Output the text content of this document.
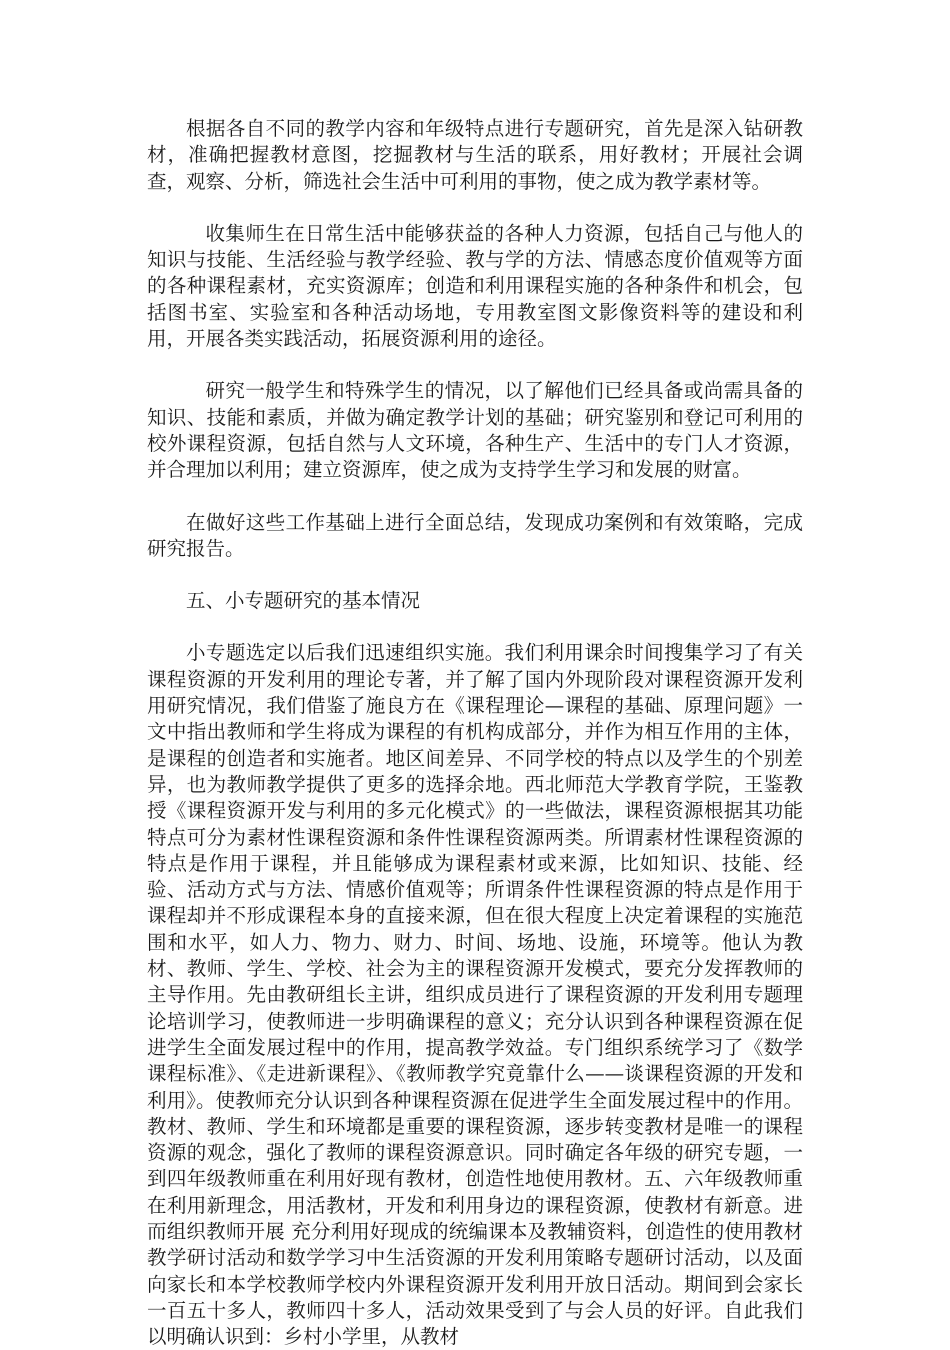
根据各自不同的教学内容和年级特点进行专题研究，首先是深入钻研教材，准确把握教材意图，挖掘教材与生活的联系，用好教材；开展社会调查，观察、分析，筛选社会生活中可利用的事物，使之成为教学素材等。

收集师生在日常生活中能够获益的各种人力资源，包括自己与他人的知识与技能、生活经验与教学经验、教与学的方法、情感态度价值观等方面的各种课程素材，充实资源库；创造和利用课程实施的各种条件和机会，包括图书室、实验室和各种活动场地，专用教室图文影像资料等的建设和利用，开展各类实践活动，拓展资源利用的途径。

研究一般学生和特殊学生的情况，以了解他们已经具备或尚需具备的知识、技能和素质，并做为确定教学计划的基础；研究鉴别和登记可利用的校外课程资源，包括自然与人文环境，各种生产、生活中的专门人才资源，并合理加以利用；建立资源库，使之成为支持学生学习和发展的财富。

在做好这些工作基础上进行全面总结，发现成功案例和有效策略，完成研究报告。

五、小专题研究的基本情况

小专题选定以后我们迅速组织实施。我们利用课余时间搜集学习了有关课程资源的开发利用的理论专著，并了解了国内外现阶段对课程资源开发利用研究情况，我们借鉴了施良方在《课程理论—课程的基础、原理问题》一文中指出教师和学生将成为课程的有机构成部分，并作为相互作用的主体，是课程的创造者和实施者。地区间差异、不同学校的特点以及学生的个别差异，也为教师教学提供了更多的选择余地。西北师范大学教育学院，王鉴教授《课程资源开发与利用的多元化模式》的一些做法，课程资源根据其功能特点可分为素材性课程资源和条件性课程资源两类。所谓素材性课程资源的特点是作用于课程，并且能够成为课程素材或来源，比如知识、技能、经验、活动方式与方法、情感价值观等；所谓条件性课程资源的特点是作用于课程却并不形成课程本身的直接来源，但在很大程度上决定着课程的实施范围和水平，如人力、物力、财力、时间、场地、设施，环境等。他认为教材、教师、学生、学校、社会为主的课程资源开发模式，要充分发挥教师的主导作用。先由教研组长主讲，组织成员进行了课程资源的开发利用专题理论培训学习，使教师进一步明确课程的意义；充分认识到各种课程资源在促进学生全面发展过程中的作用，提高教学效益。专门组织系统学习了《数学课程标准》、《走进新课程》、《教师教学究竟靠什么——谈课程资源的开发和利用》。使教师充分认识到各种课程资源在促进学生全面发展过程中的作用。教材、教师、学生和环境都是重要的课程资源，逐步转变教材是唯一的课程资源的观念，强化了教师的课程资源意识。同时确定各年级的研究专题，一到四年级教师重在利用好现有教材，创造性地使用教材。五、六年级教师重在利用新理念，用活教材，开发和利用身边的课程资源，使教材有新意。进而组织教师开展 充分利用好现成的统编课本及教辅资料，创造性的使用教材教学研讨活动和数学学习中生活资源的开发利用策略专题研讨活动，以及面向家长和本学校教师学校内外课程资源开发利用开放日活动。期间到会家长一百五十多人，教师四十多人，活动效果受到了与会人员的好评。自此我们以明确认识到：乡村小学里，从教材
